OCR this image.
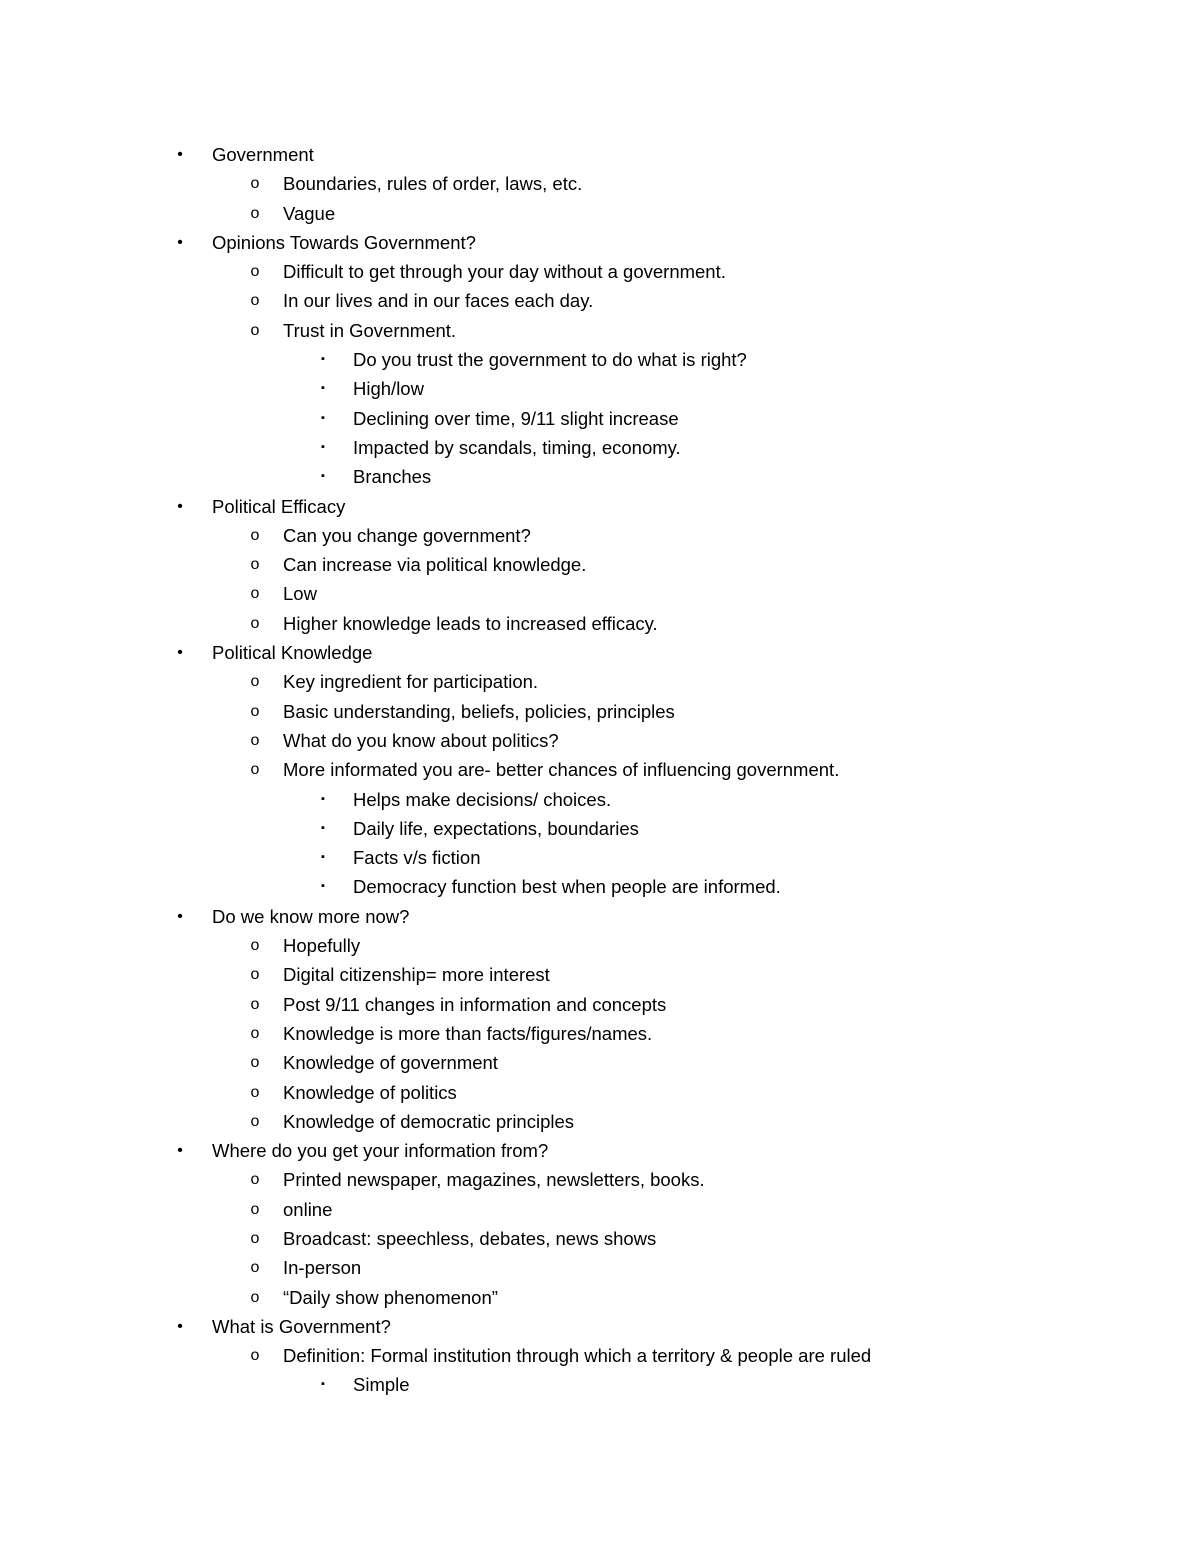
• Government
o Boundaries, rules of order, laws, etc.
o Vague
• Opinions Towards Government?
o Difficult to get through your day without a government.
o In our lives and in our faces each day.
o Trust in Government.
▪ Do you trust the government to do what is right?
▪ High/low
▪ Declining over time, 9/11 slight increase
▪ Impacted by scandals, timing, economy.
▪ Branches
• Political Efficacy
o Can you change government?
o Can increase via political knowledge.
o Low
o Higher knowledge leads to increased efficacy.
• Political Knowledge
o Key ingredient for participation.
o Basic understanding, beliefs, policies, principles
o What do you know about politics?
o More informated you are- better chances of influencing government.
▪ Helps make decisions/ choices.
▪ Daily life, expectations, boundaries
▪ Facts v/s fiction
▪ Democracy function best when people are informed.
• Do we know more now?
o Hopefully
o Digital citizenship= more interest
o Post 9/11 changes in information and concepts
o Knowledge is more than facts/figures/names.
o Knowledge of government
o Knowledge of politics
o Knowledge of democratic principles
• Where do you get your information from?
o Printed newspaper, magazines, newsletters, books.
o online
o Broadcast: speechless, debates, news shows
o In-person
o “Daily show phenomenon”
• What is Government?
o Definition: Formal institution through which a territory & people are ruled
▪ Simple
